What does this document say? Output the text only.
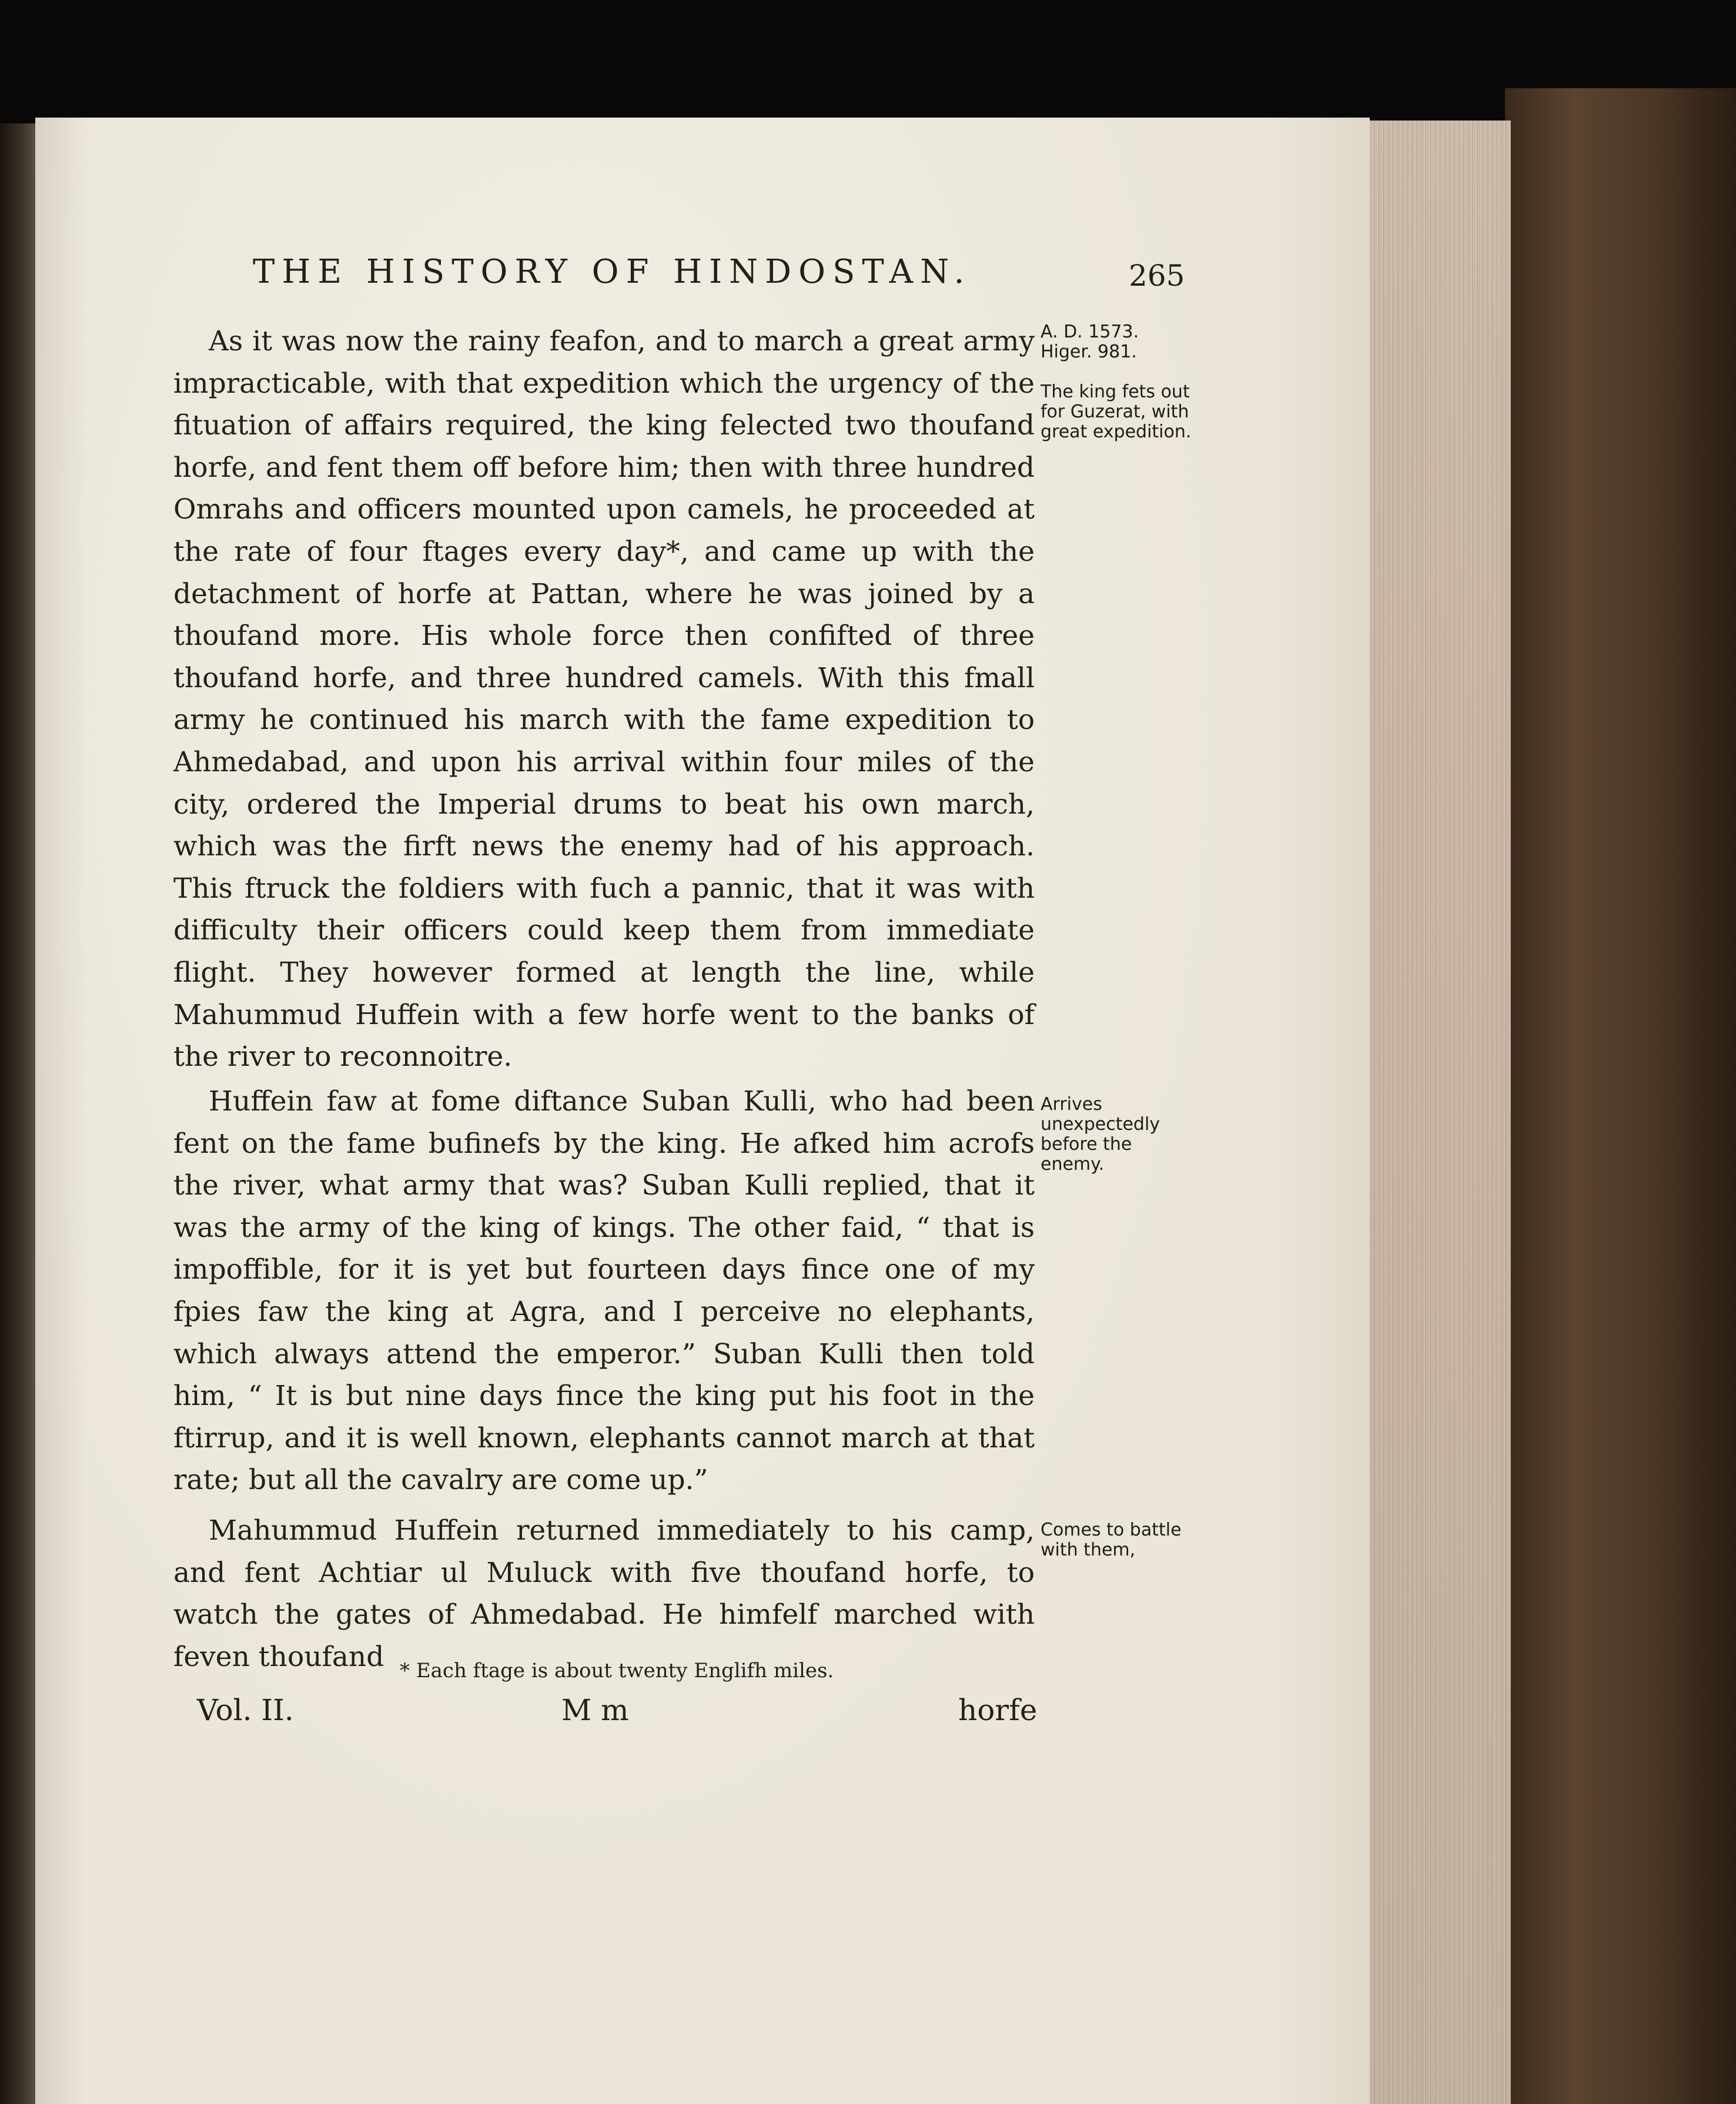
THE HISTORY OF HINDOSTAN.	265

As it was now the rainy feafon, and to march a great army impracticable, with that expedition which the urgency of the fituation of affairs required, the king felected two thoufand horfe, and fent them off before him; then with three hundred Omrahs and officers mounted upon camels, he proceeded at the rate of four ftages every day*, and came up with the detachment of horfe at Pattan, where he was joined by a thoufand more. His whole force then confifted of three thoufand horfe, and three hundred camels. With this fmall army he continued his march with the fame expedition to Ahmedabad, and upon his arrival within four miles of the city, ordered the Imperial drums to beat his own march, which was the firft news the enemy had of his approach. This ftruck the foldiers with fuch a pannic, that it was with difficulty their officers could keep them from immediate flight. They however formed at length the line, while Mahummud Huffein with a few horfe went to the banks of the river to reconnoitre.

Huffein faw at fome diftance Suban Kulli, who had been fent on the fame bufinefs by the king. He afked him acrofs the river, what army that was? Suban Kulli replied, that it was the army of the king of kings. The other faid, “ that is impoffible, for it is yet but fourteen days fince one of my fpies faw the king at Agra, and I perceive no elephants, which always attend the emperor.” Suban Kulli then told him, “ It is but nine days fince the king put his foot in the ftirrup, and it is well known, elephants cannot march at that rate; but all the cavalry are come up.”

Mahummud Huffein returned immediately to his camp, and fent Achtiar ul Muluck with five thoufand horfe, to watch the gates of Ahmedabad. He himfelf marched with feven thoufand

A. D. 1573.
Higer. 981.
The king fets out for Guzerat, with great expedition.
Arrives unexpectedly before the enemy.
Comes to battle with them,
* Each ftage is about twenty Englifh miles.
Vol. II.	M m	horfe
